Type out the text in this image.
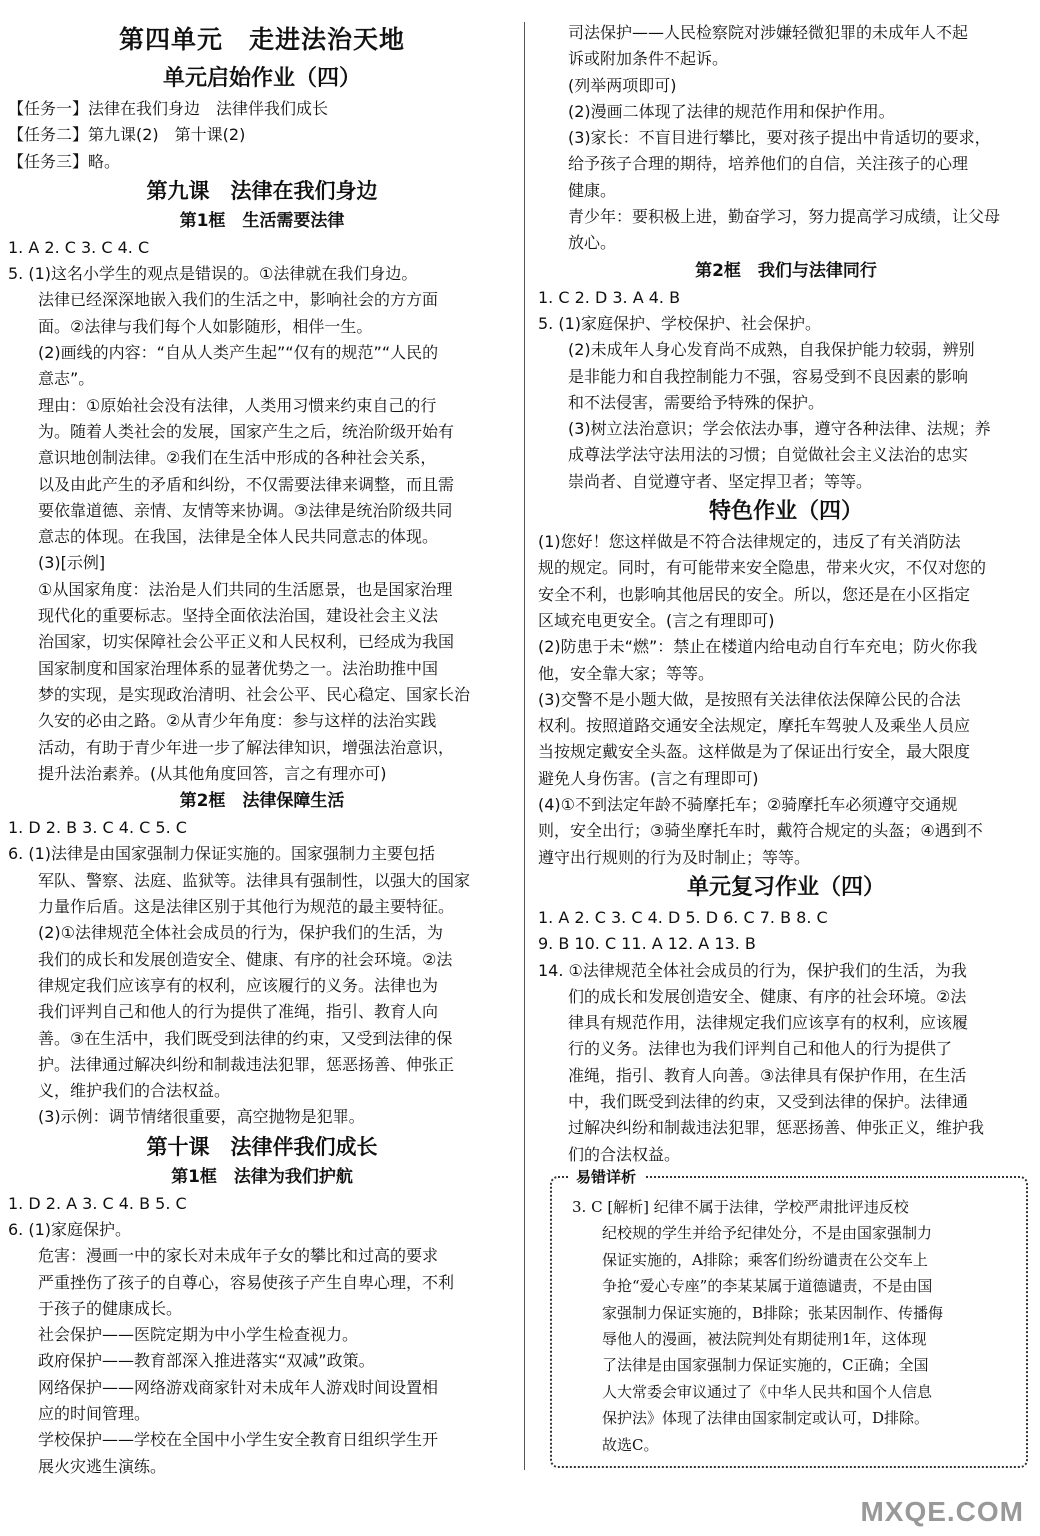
第四单元　走进法治天地
单元启始作业（四）
【任务一】法律在我们身边　法律伴我们成长
【任务二】第九课(2)　第十课(2)
【任务三】略。
第九课　法律在我们身边
第1框　生活需要法律
1. A 2. C 3. C 4. C
5. (1)这名小学生的观点是错误的。①法律就在我们身边。
法律已经深深地嵌入我们的生活之中，影响社会的方方面
面。②法律与我们每个人如影随形，相伴一生。
(2)画线的内容：“自从人类产生起”“仅有的规范”“人民的
意志”。
理由：①原始社会没有法律，人类用习惯来约束自己的行
为。随着人类社会的发展，国家产生之后，统治阶级开始有
意识地创制法律。②我们在生活中形成的各种社会关系，
以及由此产生的矛盾和纠纷，不仅需要法律来调整，而且需
要依靠道德、亲情、友情等来协调。③法律是统治阶级共同
意志的体现。在我国，法律是全体人民共同意志的体现。
(3)[示例]
①从国家角度：法治是人们共同的生活愿景，也是国家治理
现代化的重要标志。坚持全面依法治国，建设社会主义法
治国家，切实保障社会公平正义和人民权利，已经成为我国
国家制度和国家治理体系的显著优势之一。法治助推中国
梦的实现，是实现政治清明、社会公平、民心稳定、国家长治
久安的必由之路。②从青少年角度：参与这样的法治实践
活动，有助于青少年进一步了解法律知识，增强法治意识，
提升法治素养。(从其他角度回答，言之有理亦可)
第2框　法律保障生活
1. D 2. B 3. C 4. C 5. C
6. (1)法律是由国家强制力保证实施的。国家强制力主要包括
军队、警察、法庭、监狱等。法律具有强制性，以强大的国家
力量作后盾。这是法律区别于其他行为规范的最主要特征。
(2)①法律规范全体社会成员的行为，保护我们的生活，为
我们的成长和发展创造安全、健康、有序的社会环境。②法
律规定我们应该享有的权利，应该履行的义务。法律也为
我们评判自己和他人的行为提供了准绳，指引、教育人向
善。③在生活中，我们既受到法律的约束，又受到法律的保
护。法律通过解决纠纷和制裁违法犯罪，惩恶扬善、伸张正
义，维护我们的合法权益。
(3)示例：调节情绪很重要，高空抛物是犯罪。
第十课　法律伴我们成长
第1框　法律为我们护航
1. D 2. A 3. C 4. B 5. C
6. (1)家庭保护。
危害：漫画一中的家长对未成年子女的攀比和过高的要求
严重挫伤了孩子的自尊心，容易使孩子产生自卑心理，不利
于孩子的健康成长。
社会保护——医院定期为中小学生检查视力。
政府保护——教育部深入推进落实“双减”政策。
网络保护——网络游戏商家针对未成年人游戏时间设置相
应的时间管理。
学校保护——学校在全国中小学生安全教育日组织学生开
展火灾逃生演练。
司法保护——人民检察院对涉嫌轻微犯罪的未成年人不起
诉或附加条件不起诉。
(列举两项即可)
(2)漫画二体现了法律的规范作用和保护作用。
(3)家长：不盲目进行攀比，要对孩子提出中肯适切的要求，
给予孩子合理的期待，培养他们的自信，关注孩子的心理
健康。
青少年：要积极上进，勤奋学习，努力提高学习成绩，让父母
放心。
第2框　我们与法律同行
1. C 2. D 3. A 4. B
5. (1)家庭保护、学校保护、社会保护。
(2)未成年人身心发育尚不成熟，自我保护能力较弱，辨别
是非能力和自我控制能力不强，容易受到不良因素的影响
和不法侵害，需要给予特殊的保护。
(3)树立法治意识；学会依法办事，遵守各种法律、法规；养
成尊法学法守法用法的习惯；自觉做社会主义法治的忠实
崇尚者、自觉遵守者、坚定捍卫者；等等。
特色作业（四）
(1)您好！您这样做是不符合法律规定的，违反了有关消防法
规的规定。同时，有可能带来安全隐患，带来火灾，不仅对您的
安全不利，也影响其他居民的安全。所以，您还是在小区指定
区域充电更安全。(言之有理即可)
(2)防患于未“燃”：禁止在楼道内给电动自行车充电；防火你我
他，安全靠大家；等等。
(3)交警不是小题大做，是按照有关法律依法保障公民的合法
权利。按照道路交通安全法规定，摩托车驾驶人及乘坐人员应
当按规定戴安全头盔。这样做是为了保证出行安全，最大限度
避免人身伤害。(言之有理即可)
(4)①不到法定年龄不骑摩托车；②骑摩托车必须遵守交通规
则，安全出行；③骑坐摩托车时，戴符合规定的头盔；④遇到不
遵守出行规则的行为及时制止；等等。
单元复习作业（四）
1. A 2. C 3. C 4. D 5. D 6. C 7. B 8. C
9. B 10. C 11. A 12. A 13. B
14. ①法律规范全体社会成员的行为，保护我们的生活，为我
们的成长和发展创造安全、健康、有序的社会环境。②法
律具有规范作用，法律规定我们应该享有的权利，应该履
行的义务。法律也为我们评判自己和他人的行为提供了
准绳，指引、教育人向善。③法律具有保护作用，在生活
中，我们既受到法律的约束，又受到法律的保护。法律通
过解决纠纷和制裁违法犯罪，惩恶扬善、伸张正义，维护我
们的合法权益。
易错详析
3. C [解析] 纪律不属于法律，学校严肃批评违反校
纪校规的学生并给予纪律处分，不是由国家强制力
保证实施的，A排除；乘客们纷纷谴责在公交车上
争抢“爱心专座”的李某某属于道德谴责，不是由国
家强制力保证实施的，B排除；张某因制作、传播侮
辱他人的漫画，被法院判处有期徒刑1年，这体现
了法律是由国家强制力保证实施的，C正确；全国
人大常委会审议通过了《中华人民共和国个人信息
保护法》体现了法律由国家制定或认可，D排除。
故选C。
MXQE.COM
